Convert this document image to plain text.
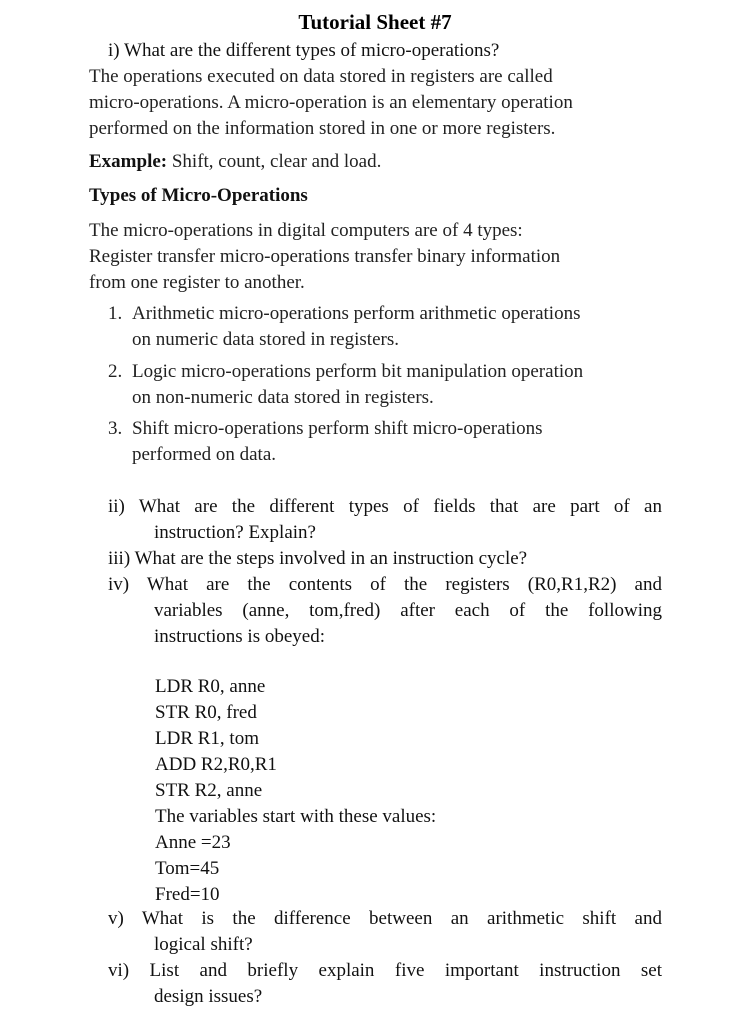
Tutorial Sheet #7
i) What are the different types of micro-operations?
The operations executed on data stored in registers are called
micro-operations. A micro-operation is an elementary operation
performed on the information stored in one or more registers.
Example: Shift, count, clear and load.
Types of Micro-Operations
The micro-operations in digital computers are of 4 types:
Register transfer micro-operations transfer binary information
from one register to another.
1. Arithmetic micro-operations perform arithmetic operations
on numeric data stored in registers.
2. Logic micro-operations perform bit manipulation operation
on non-numeric data stored in registers.
3. Shift micro-operations perform shift micro-operations
performed on data.
ii) What are the different types of fields that are part of an
instruction? Explain?
iii) What are the steps involved in an instruction cycle?
iv) What are the contents of the registers (R0,R1,R2) and
variables (anne, tom,fred) after each of the following
instructions is obeyed:
LDR R0, anne
STR R0, fred
LDR R1, tom
ADD R2,R0,R1
STR R2, anne
The variables start with these values:
Anne =23
Tom=45
Fred=10
v) What is the difference between an arithmetic shift and
logical shift?
vi) List and briefly explain five important instruction set
design issues?
